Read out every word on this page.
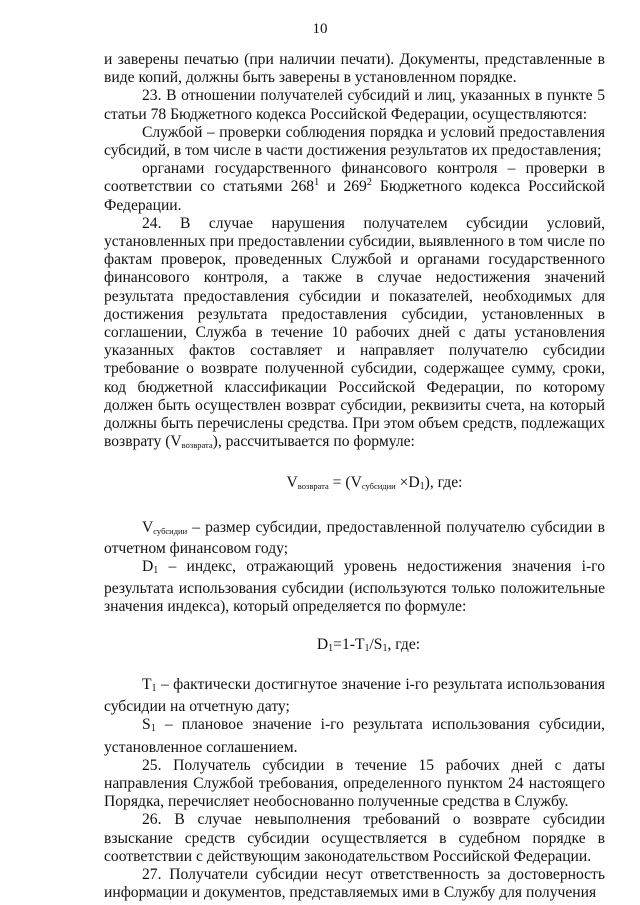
10

и заверены печатью (при наличии печати). Документы, представленные в виде копий, должны быть заверены в установленном порядке.

23. В отношении получателей субсидий и лиц, указанных в пункте 5 статьи 78 Бюджетного кодекса Российской Федерации, осуществляются:

Службой – проверки соблюдения порядка и условий предоставления субсидий, в том числе в части достижения результатов их предоставления;

органами государственного финансового контроля – проверки в соответствии со статьями $268^1$ и $269^2$ Бюджетного кодекса Российской Федерации.

24. В случае нарушения получателем субсидии условий, установленных при предоставлении субсидии, выявленного в том числе по фактам проверок, проведенных Службой и органами государственного финансового контроля, а также в случае недостижения значений результата предоставления субсидии и показателей, необходимых для достижения результата предоставления субсидии, установленных в соглашении, Служба в течение 10 рабочих дней с даты установления указанных фактов составляет и направляет получателю субсидии требование о возврате полученной субсидии, содержащее сумму, сроки, код бюджетной классификации Российской Федерации, по которому должен быть осуществлен возврат субсидии, реквизиты счета, на который должны быть перечислены средства. При этом объем средств, подлежащих возврату $(V_{возврата})$, рассчитывается по формуле:

$V_{возврата} = (V_{субсидии} \times D_1)$, где:

$V_{субсидии}$ – размер субсидии, предоставленной получателю субсидии в отчетном финансовом году;

$D_1$ – индекс, отражающий уровень недостижения значения i-го результата использования субсидии (используются только положительные значения индекса), который определяется по формуле:

$D_1=1-T_1/S_1$, где:

$T_1$ – фактически достигнутое значение i-го результата использования субсидии на отчетную дату;

$S_1$ – плановое значение i-го результата использования субсидии, установленное соглашением.

25. Получатель субсидии в течение 15 рабочих дней с даты направления Службой требования, определенного пунктом 24 настоящего Порядка, перечисляет необоснованно полученные средства в Службу.

26. В случае невыполнения требований о возврате субсидии взыскание средств субсидии осуществляется в судебном порядке в соответствии с действующим законодательством Российской Федерации.

27. Получатели субсидии несут ответственность за достоверность информации и документов, представляемых ими в Службу для получения
